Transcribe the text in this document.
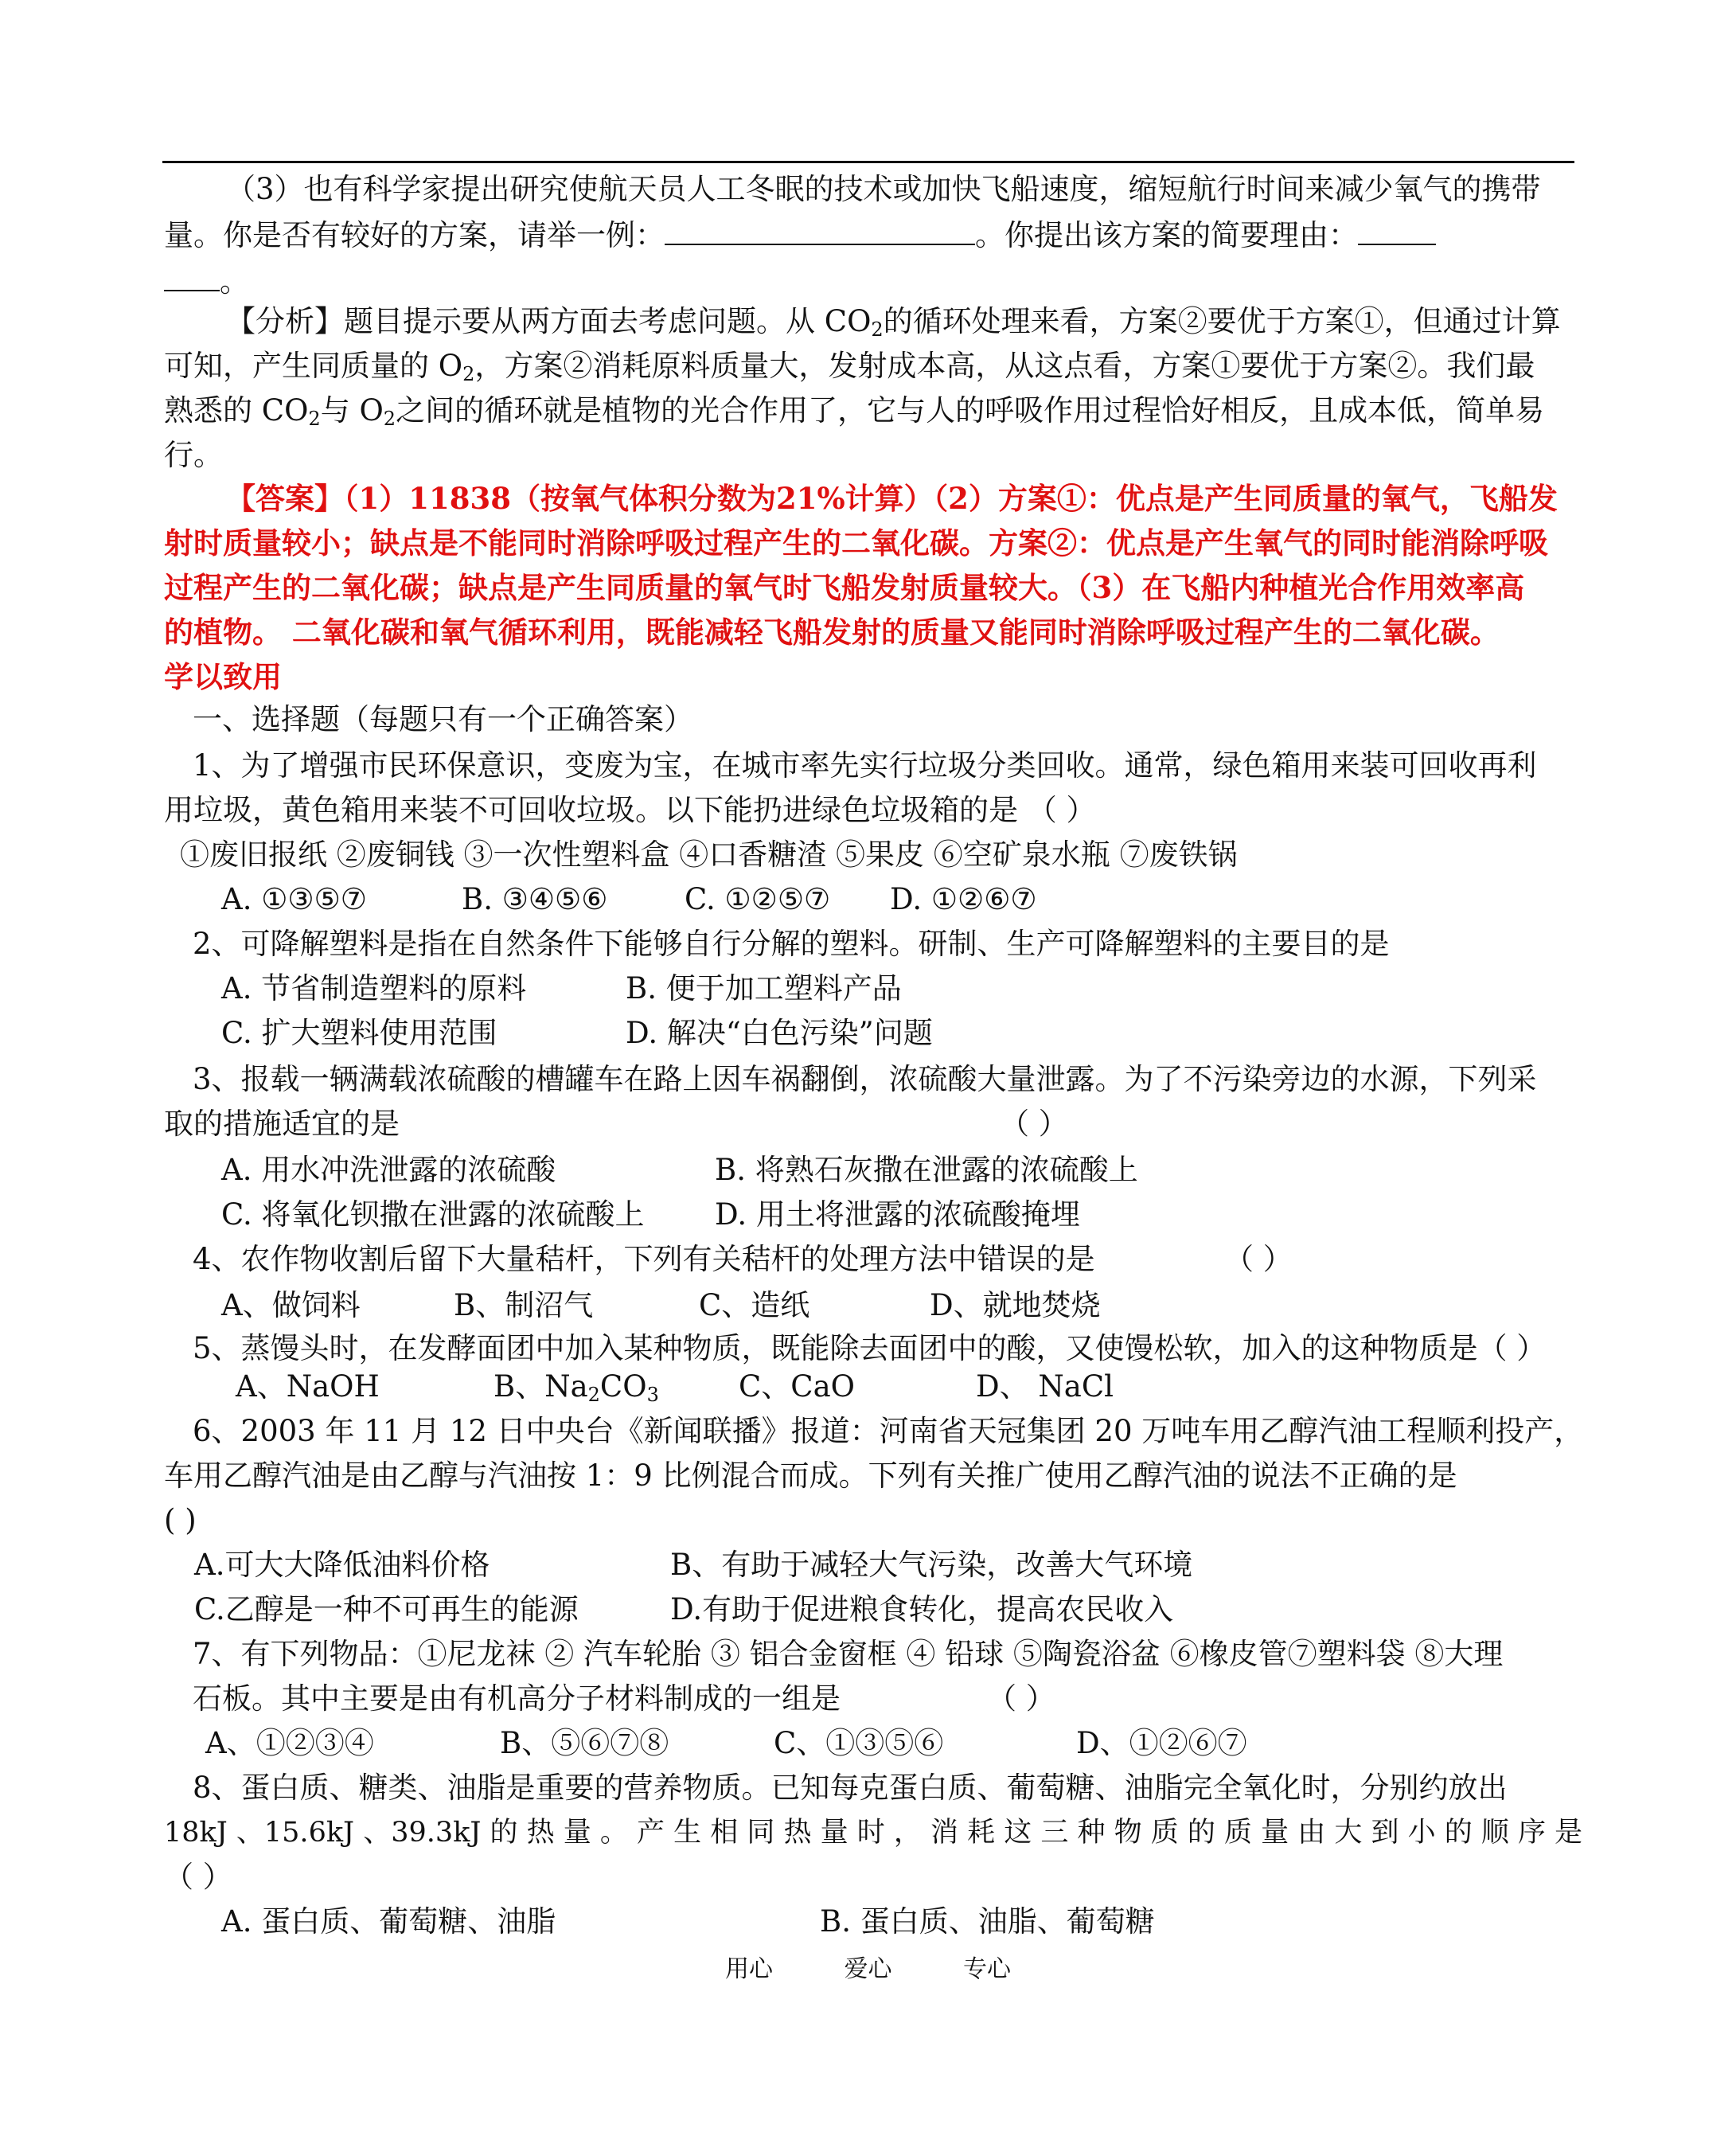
（3）也有科学家提出研究使航天员人工冬眠的技术或加快飞船速度，缩短航行时间来减少氧气的携带

量。你是否有较好的方案，请举一例：	。你提出该方案的简要理由：

。

【分析】题目提示要从两方面去考虑问题。从 $CO_2$的循环处理来看，方案②要优于方案①，但通过计算

可知，产生同质量的 $O_2$，方案②消耗原料质量大，发射成本高，从这点看，方案①要优于方案②。我们最

熟悉的 $CO_2$与 $O_2$之间的循环就是植物的光合作用了，它与人的呼吸作用过程恰好相反，且成本低，简单易

行。

【答案】（1）11838（按氧气体积分数为21%计算）（2）方案①：优点是产生同质量的氧气，飞船发

射时质量较小；缺点是不能同时消除呼吸过程产生的二氧化碳。方案②：优点是产生氧气的同时能消除呼吸

过程产生的二氧化碳；缺点是产生同质量的氧气时飞船发射质量较大。（3）在飞船内种植光合作用效率高

的植物。 二氧化碳和氧气循环利用，既能减轻飞船发射的质量又能同时消除呼吸过程产生的二氧化碳。

学以致用

一、选择题（每题只有一个正确答案）

1、为了增强市民环保意识，变废为宝，在城市率先实行垃圾分类回收。通常，绿色箱用来装可回收再利

用垃圾，黄色箱用来装不可回收垃圾。以下能扔进绿色垃圾箱的是 （ ）

①废旧报纸 ②废铜钱 ③一次性塑料盒 ④口香糖渣 ⑤果皮 ⑥空矿泉水瓶 ⑦废铁锅

A. ①③⑤⑦	B. ③④⑤⑥	C. ①②⑤⑦ D. ①②⑥⑦

2、可降解塑料是指在自然条件下能够自行分解的塑料。研制、生产可降解塑料的主要目的是

A. 节省制造塑料的原料	B. 便于加工塑料产品
C. 扩大塑料使用范围	D. 解决“白色污染”问题

3、报载一辆满载浓硫酸的槽罐车在路上因车祸翻倒，浓硫酸大量泄露。为了不污染旁边的水源，下列采

取的措施适宜的是	（ ）

A. 用水冲洗泄露的浓硫酸	B. 将熟石灰撒在泄露的浓硫酸上
C. 将氧化钡撒在泄露的浓硫酸上 D. 用土将泄露的浓硫酸掩埋

4、农作物收割后留下大量秸杆，下列有关秸杆的处理方法中错误的是	（ ）

A、做饲料	B、制沼气	C、造纸	D、就地焚烧

5、蒸馒头时，在发酵面团中加入某种物质，既能除去面团中的酸，又使馒松软，加入的这种物质是（ ）

A、NaOH	B、$Na_2CO_3$	C、CaO	D、 NaCl

6、2003 年 11 月 12 日中央台《新闻联播》报道：河南省天冠集团 20 万吨车用乙醇汽油工程顺利投产，

车用乙醇汽油是由乙醇与汽油按 1：9 比例混合而成。下列有关推广使用乙醇汽油的说法不正确的是

( )

A.可大大降低油料价格	B、有助于减轻大气污染，改善大气环境
C.乙醇是一种不可再生的能源	D.有助于促进粮食转化，提高农民收入

7、有下列物品：①尼龙袜 ② 汽车轮胎 ③ 铝合金窗框 ④ 铅球 ⑤陶瓷浴盆 ⑥橡皮管⑦塑料袋 ⑧大理

石板。其中主要是由有机高分子材料制成的一组是	（ ）

A、①②③④	B、⑤⑥⑦⑧	C、①③⑤⑥	D、①②⑥⑦

8、蛋白质、糖类、油脂是重要的营养物质。已知每克蛋白质、葡萄糖、油脂完全氧化时，分别约放出

18kJ 、15.6kJ 、39.3kJ 的 热 量 。 产 生 相 同 热 量 时 ， 消 耗 这 三 种 物 质 的 质 量 由 大 到 小 的 顺 序 是

（ ）

A. 蛋白质、葡萄糖、油脂	B. 蛋白质、油脂、葡萄糖
用心	爱心	专心
